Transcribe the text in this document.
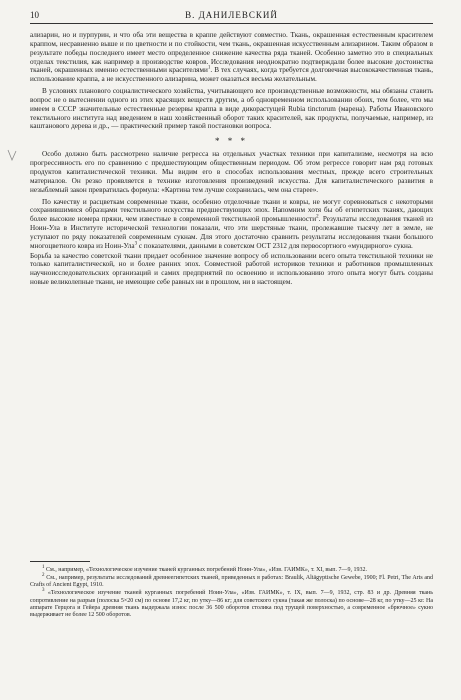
10	В. ДАНИЛЕВСКИЙ

ализарин, но и пурпурин, и что оба эти вещества в краппе действуют совместно. Ткань, окрашенная естественным красителем краппом, несравненно выше и по цветности и по стойкости, чем ткань, окрашенная искусственным ализарином. Таким образом в результате победы последнего имеет место определенное снижение качества ряда тканей. Особенно заметно это в специальных отделах текстилия, как например в производстве ковров. Исследования неоднократно подтверждали более высокие достоинства тканей, окрашенных именно естественными красителями$^1$. В тех случаях, когда требуется долговечная высококачественная ткань, использование краппа, а не искусственного ализарина, может оказаться весьма желательным.

В условиях планового социалистического хозяйства, учитывающего все производственные возможности, мы обязаны ставить вопрос не о вытеснении одного из этих красящих веществ другим, а об одновременном использовании обоих, тем более, что мы имеем в СССР значительные естественные резервы краппа в виде дикорастущей Rubia tinctorum (марена). Работы Ивановского текстильного института над введением в наш хозяйственный оборот таких красителей, как продукты, получаемые, например, из каштанового дерева и др., — практический пример такой постановки вопроса.

* * *

Особо должно быть рассмотрено наличие регресса на отдельных участках техники при капитализме, несмотря на всю прогрессивность его по сравнению с предшествующим общественным периодом. Об этом регрессе говорит нам ряд готовых продуктов капиталистической техники. Мы видим его в способах использования местных, прежде всего строительных материалов. Он резко проявляется в технике изготовления произведений искусства. Для капиталистического развития в незыблемый закон превратилась формула: «Картина тем лучше сохранилась, чем она старее».

По качеству и расцветкам современные ткани, особенно отделочные ткани и ковры, не могут соревноваться с некоторыми сохранившимися образцами текстильного искусства предшествующих эпох. Напомним хотя бы об египетских тканях, дающих более высокие номера пряжи, чем известные в современной текстильной промышленности$^2$. Результаты исследования тканей из Ноин-Ула в Институте исторической технологии показали, что эти шерстяные ткани, пролежавшие тысячу лет в земле, не уступают по ряду показателей современным сукнам. Для этого достаточно сравнить результаты исследования ткани большого многоцветного ковра из Ноин-Ула$^3$ с показателями, данными в советском ОСТ 2312 для первосортного «мундирного» сукна.

Борьба за качество советской ткани придает особенное значение вопросу об использовании всего опыта текстильной техники не только капиталистической, но и более ранних эпох. Совместной работой историков техники и работников промышленных научноисследовательских организаций и самих предприятий по освоению и использованию этого опыта могут быть созданы новые великолепные ткани, не имеющие себе равных ни в прошлом, ни в настоящем.

$^1$ См., например, «Технологическое изучение тканей курганных погребений Ноин-Ула», «Изв. ГАИМК», т. XI, вып. 7—9, 1932.

$^2$ См., например, результаты исследований древнеегипетских тканей, приведенных в работах: Braulik, Altägyptische Gewebe, 1900; Fl. Petri, The Arts and Crafts of Ancient Egypt, 1910.

$^3$ «Технологическое изучение тканей курганных погребений Ноин-Ула», «Изв. ГАИМК», т. IX, вып. 7—9, 1932, стр. 83 и др. Древняя ткань сопротивление на разрыв (полоска 5×20 см) по основе 17,2 кг, по утку—86 кг; для советского сукна (такая же полоска) по основе—28 кг, по утку—25 кг. На аппарате Герцога и Гейера древняя ткань выдержала износ после 36 500 оборотов столика под трущей поверхностью, а современное «брючное» сукно выдерживает не более 12 500 оборотов.
